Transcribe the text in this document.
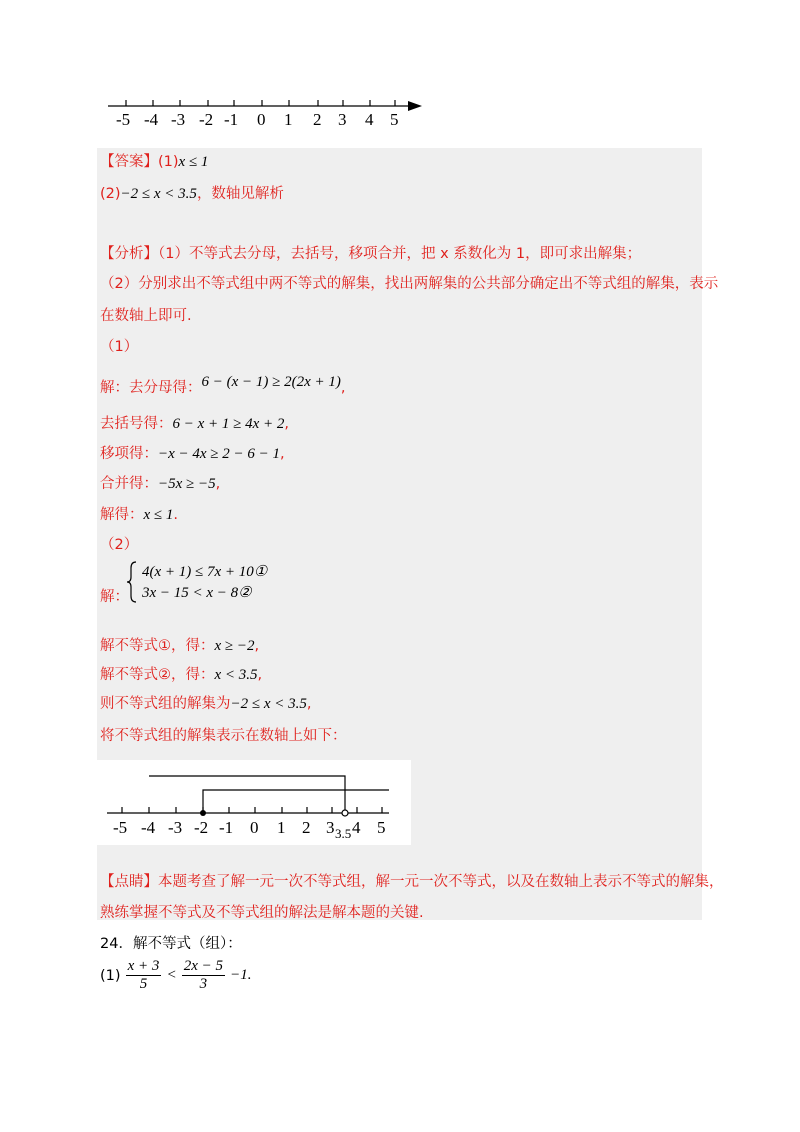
-5 -4 -3 -2 -1 0 1 2 3 4 5
【答案】(1)x ≤ 1
(2)−2 ≤ x < 3.5，数轴见解析
【分析】（1）不等式去分母，去括号，移项合并，把 x 系数化为 1，即可求出解集；
（2）分别求出不等式组中两不等式的解集，找出两解集的公共部分确定出不等式组的解集，表示
在数轴上即可.
（1）
解：去分母得：6 − (x − 1) ≥ 2(2x + 1),
去括号得：6 − x + 1 ≥ 4x + 2,
移项得：−x − 4x ≥ 2 − 6 − 1,
合并得：−5x ≥ −5,
解得：x ≤ 1.
（2）
解：
4(x + 1) ≤ 7x + 10①
3x − 15 < x − 8②
解不等式①，得：x ≥ −2,
解不等式②，得：x < 3.5,
则不等式组的解集为−2 ≤ x < 3.5,
将不等式组的解集表示在数轴上如下：
-5 -4 -3 -2 -1 0 1 2 3 4 5
3.5
【点睛】本题考查了解一元一次不等式组，解一元一次不等式，以及在数轴上表示不等式的解集，
熟练掌握不等式及不等式组的解法是解本题的关键.
24．解不等式（组）：
$(1) \frac{x + 3}{5} < \frac{2x - 5}{3} -1$.
